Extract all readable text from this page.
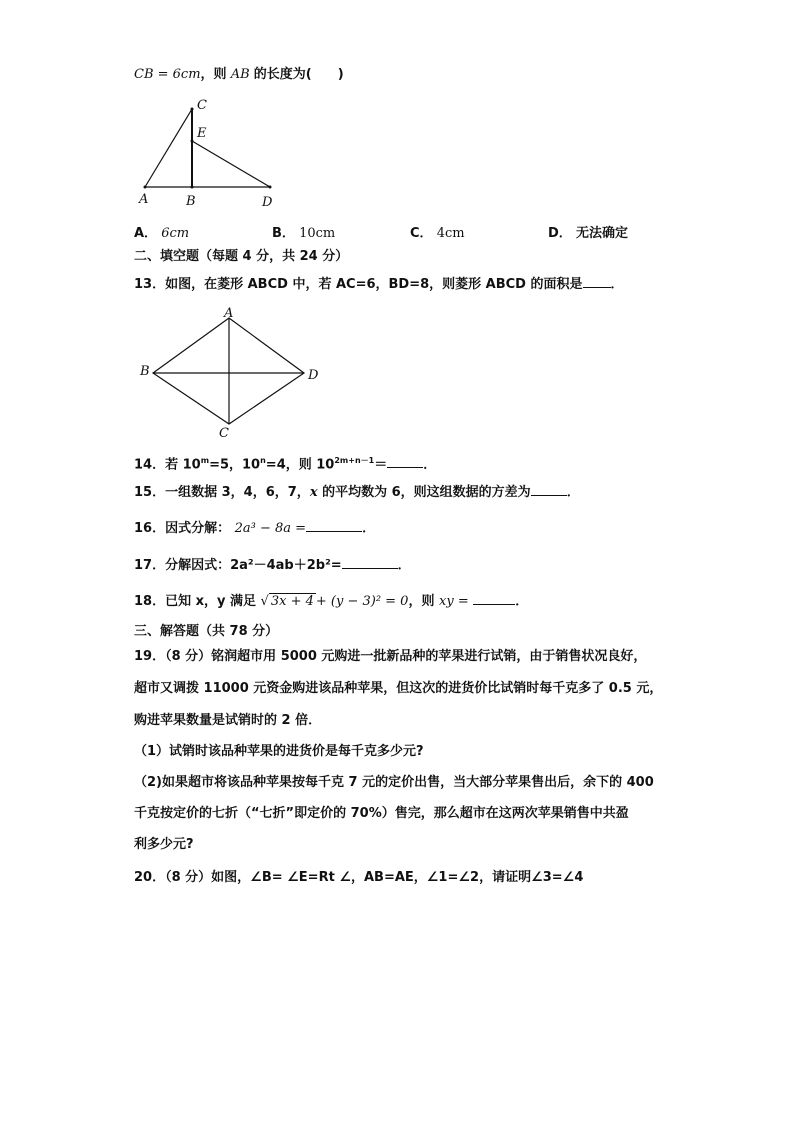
CB = 6cm，则 AB 的长度为(　　)
C
E
A	B	D
A． 6cm	B． 10cm	C． 4cm	D． 无法确定
二、填空题（每题 4 分，共 24 分）
13．如图，在菱形 ABCD 中，若 AC=6，BD=8，则菱形 ABCD 的面积是 ．
A
B	D
C
14．若 $10^m=5$，$10^n=4$，则 $10^{2m+n-1}=$	．
15．一组数据 3，4，6，7，x 的平均数为 6，则这组数据的方差为	．
16．因式分解： 2a³ − 8a =	．
17．分解因式：2a²－4ab＋2b²=	．
18．已知 x，y 满足 √ 3x + 4 + (y − 3)² = 0，则 xy =	．
三、解答题（共 78 分）
19．（8 分）铭润超市用 5000 元购进一批新品种的苹果进行试销，由于销售状况良好，
超市又调拨 11000 元资金购进该品种苹果，但这次的进货价比试销时每千克多了 0.5 元，
购进苹果数量是试销时的 2 倍．
（1）试销时该品种苹果的进货价是每千克多少元?
（2)如果超市将该品种苹果按每千克 7 元的定价出售，当大部分苹果售出后，余下的 400
千克按定价的七折（“七折”即定价的 70%）售完，那么超市在这两次苹果销售中共盈
利多少元?
20．（8 分）如图，∠B= ∠E=Rt ∠，AB=AE，∠1=∠2，请证明∠3=∠4
